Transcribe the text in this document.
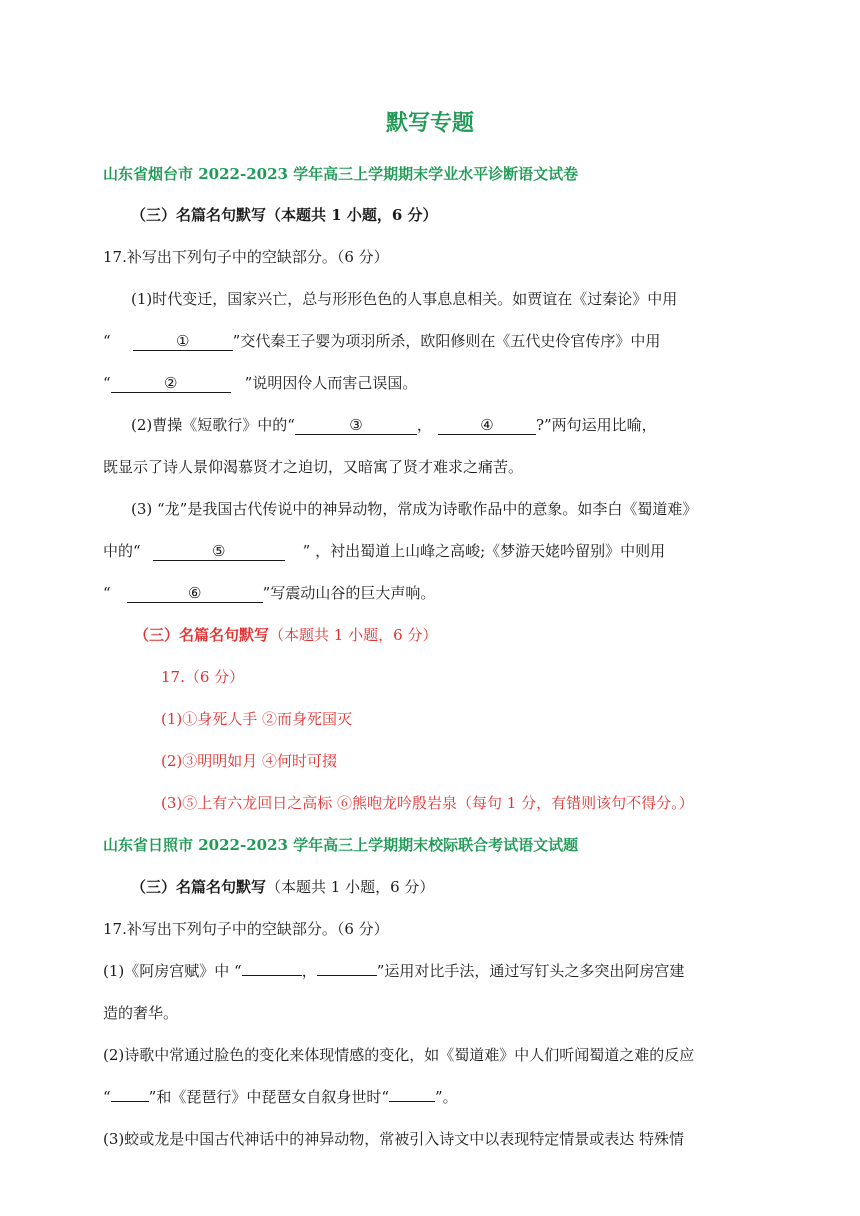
默写专题
山东省烟台市 2022-2023 学年高三上学期期末学业水平诊断语文试卷
（三）名篇名句默写（本题共 1 小题，6 分）
17.补写出下列句子中的空缺部分。（6 分）
(1)时代变迁，国家兴亡，总与形形色色的人事息息相关。如贾谊在《过秦论》中用
“	①	”交代秦王子婴为项羽所杀，欧阳修则在《五代史伶官传序》中用
“	②	”说明因伶人而害己误国。
(2)曹操《短歌行》中的“	③	，	④	?”两句运用比喻，
既显示了诗人景仰渴慕贤才之迫切，又暗寓了贤才难求之痛苦。
(3) “龙”是我国古代传说中的神异动物，常成为诗歌作品中的意象。如李白《蜀道难》
中的“	⑤	” ，衬出蜀道上山峰之高峻;《梦游天姥吟留别》中则用
“	⑥	”写震动山谷的巨大声响。
（三）名篇名句默写（本题共 1 小题，6 分）
17.（6 分）
(1)①身死人手 ②而身死国灭
(2)③明明如月 ④何时可掇
(3)⑤上有六龙回日之高标 ⑥熊咆龙吟殷岩泉（每句 1 分，有错则该句不得分。）
山东省日照市 2022-2023 学年高三上学期期末校际联合考试语文试题
（三）名篇名句默写（本题共 1 小题，6 分）
17.补写出下列句子中的空缺部分。（6 分）
(1)《阿房宫赋》中 “	，	”运用对比手法，通过写钉头之多突出阿房宫建
造的奢华。
(2)诗歌中常通过脸色的变化来体现情感的变化，如《蜀道难》中人们听闻蜀道之难的反应
“	”和《琵琶行》中琵琶女自叙身世时“	”。
(3)蛟或龙是中国古代神话中的神异动物，常被引入诗文中以表现特定情景或表达 特殊情
